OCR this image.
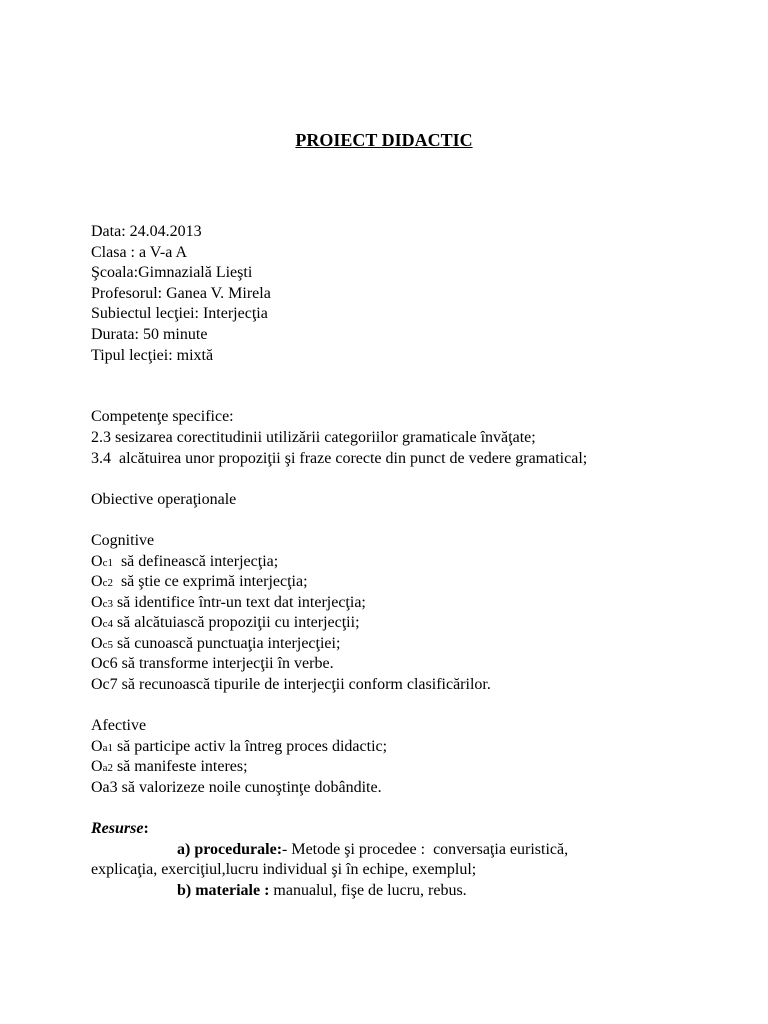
PROIECT DIDACTIC
Data: 24.04.2013
Clasa : a V-a A
Şcoala:Gimnazială Lieşti
Profesorul: Ganea V. Mirela
Subiectul lecţiei: Interjecţia
Durata: 50 minute
Tipul lecţiei: mixtă
Competenţe specifice:
2.3 sesizarea corectitudinii utilizării categoriilor gramaticale învăţate;
3.4  alcătuirea unor propoziţii şi fraze corecte din punct de vedere gramatical;
Obiective operaţionale
Cognitive
Oc1  să definească interjecţia;
Oc2  să ştie ce exprimă interjecţia;
Oc3 să identifice într-un text dat interjecţia;
Oc4 să alcătuiască propoziţii cu interjecţii;
Oc5 să cunoască punctuaţia interjecţiei;
Oc6 să transforme interjecţii în verbe.
Oc7 să recunoască tipurile de interjecţii conform clasificărilor.
Afective
Oa1 să participe activ la întreg proces didactic;
Oa2 să manifeste interes;
Oa3 să valorizeze noile cunoştinţe dobândite.
Resurse:
a) procedurale:- Metode şi procedee :  conversaţia euristică,
explicaţia, exerciţiul,lucru individual şi în echipe, exemplul;
b) materiale : manualul, fişe de lucru, rebus.
